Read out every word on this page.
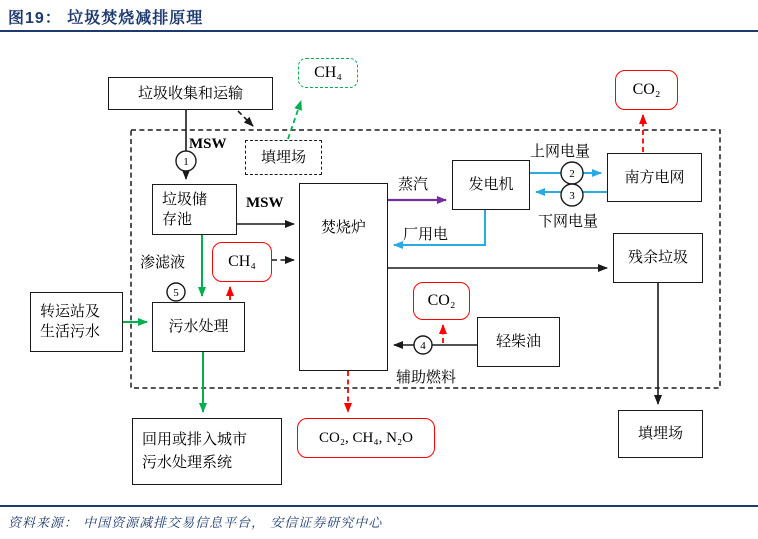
图19： 垃圾焚烧减排原理
1
2
3
4
5
垃圾收集和运输
CH₄
CO₂
填埋场
垃圾储
存池
焚烧炉
发电机	南方电网
残余垃圾
CH₄
CO₂
轻柴油
污水处理
转运站及
生活污水
回用或排入城市
污水处理系统
CO₂, CH₄, N₂O	填埋场
MSW
MSW
渗滤液
蒸汽
厂用电
上网电量
下网电量
辅助燃料
资料来源： 中国资源减排交易信息平台， 安信证券研究中心
